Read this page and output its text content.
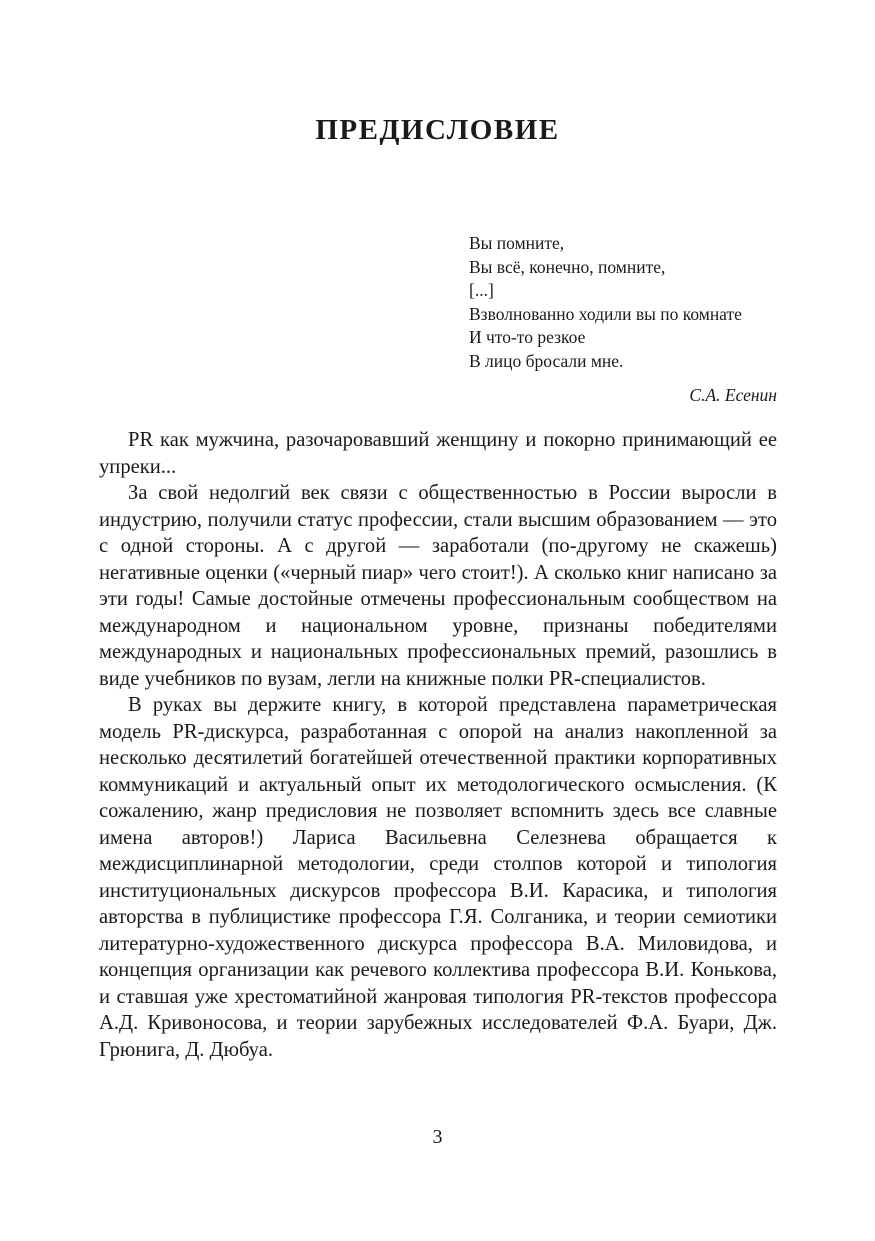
ПРЕДИСЛОВИЕ
Вы помните,
Вы всё, конечно, помните,
[...]
Взволнованно ходили вы по комнате
И что-то резкое
В лицо бросали мне.
С.А. Есенин

PR как мужчина, разочаровавший женщину и покорно принимающий ее упреки...

За свой недолгий век связи с общественностью в России выросли в индустрию, получили статус профессии, стали высшим образованием — это с одной стороны. А с другой — заработали (по-другому не скажешь) негативные оценки («черный пиар» чего стоит!). А сколько книг написано за эти годы! Самые достойные отмечены профессиональным сообществом на международном и национальном уровне, признаны победителями международных и национальных профессиональных премий, разошлись в виде учебников по вузам, легли на книжные полки PR-специалистов.

В руках вы держите книгу, в которой представлена параметрическая модель PR-дискурса, разработанная с опорой на анализ накопленной за несколько десятилетий богатейшей отечественной практики корпоративных коммуникаций и актуальный опыт их методологического осмысления. (К сожалению, жанр предисловия не позволяет вспомнить здесь все славные имена авторов!) Лариса Васильевна Селезнева обращается к междисциплинарной методологии, среди столпов которой и типология институциональных дискурсов профессора В.И. Карасика, и типология авторства в публицистике профессора Г.Я. Солганика, и теории семиотики литературно-художественного дискурса профессора В.А. Миловидова, и концепция организации как речевого коллектива профессора В.И. Конькова, и ставшая уже хрестоматийной жанровая типология PR-текстов профессора А.Д. Кривоносова, и теории зарубежных исследователей Ф.А. Буари, Дж. Грюнига, Д. Дюбуа.

3
